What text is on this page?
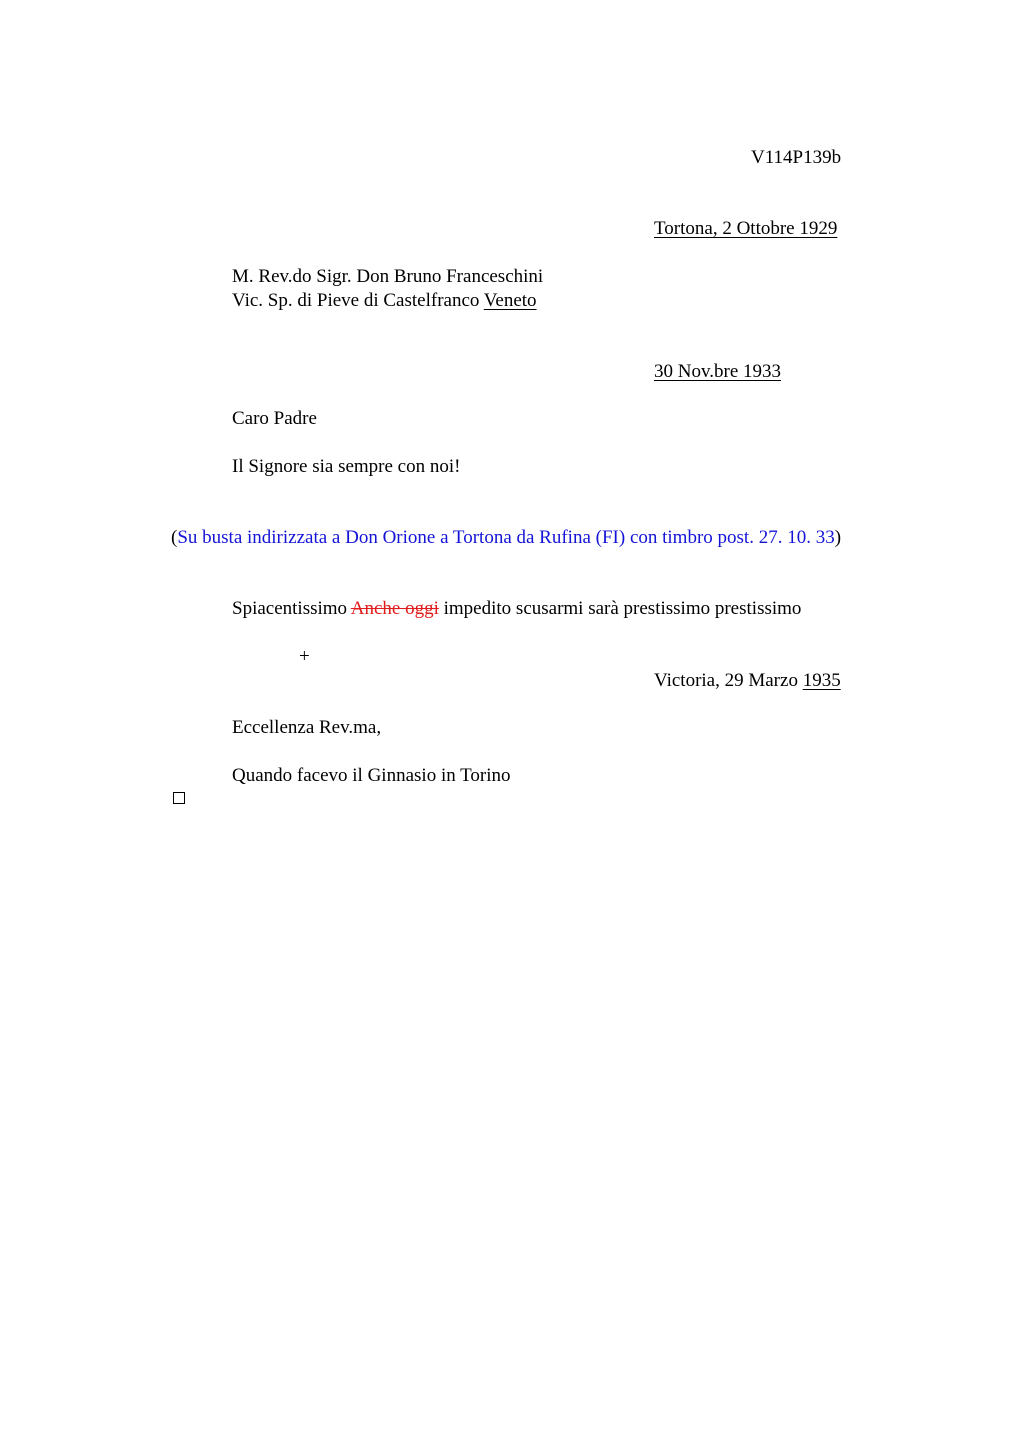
V114P139b
Tortona, 2 Ottobre 1929
M. Rev.do Sigr. Don Bruno Franceschini
Vic. Sp. di Pieve di Castelfranco Veneto
30 Nov.bre 1933
Caro Padre
Il Signore sia sempre con noi!
(Su busta indirizzata a Don Orione a Tortona da Rufina (FI) con timbro post. 27. 10. 33)
Spiacentissimo Anche oggi impedito scusarmi sarà prestissimo prestissimo
+
Victoria, 29 Marzo 1935
Eccellenza Rev.ma,
Quando facevo il Ginnasio in Torino
